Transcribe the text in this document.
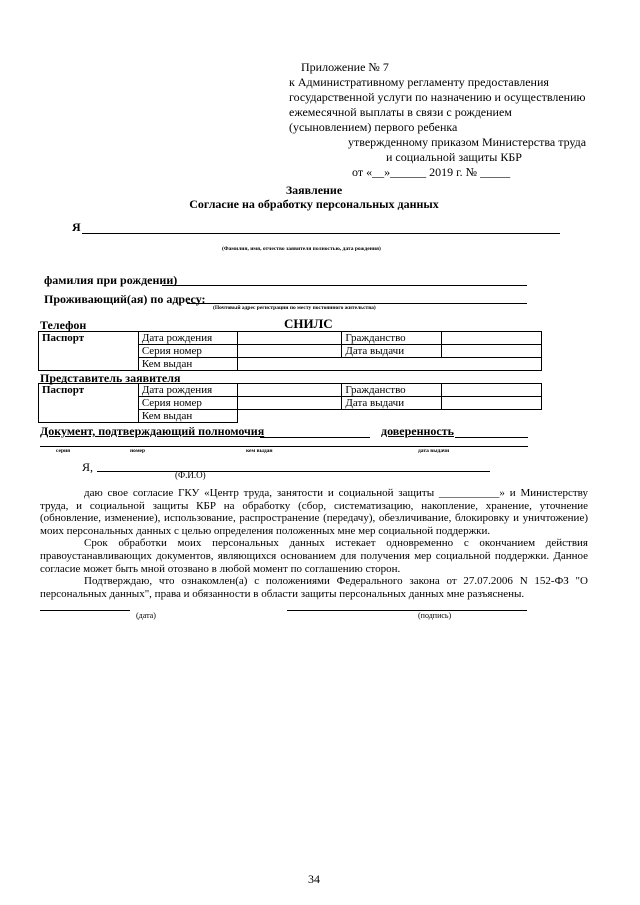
Приложение № 7
к Административному регламенту предоставления
государственной услуги по назначению и осуществлению
ежемесячной выплаты в связи с рождением
(усыновлением) первого ребенка
утвержденному приказом Министерства труда
и социальной защиты КБР
от «__»______ 2019 г. № _____
Заявление
Согласие на обработку персональных данных
Я
(Фамилия, имя, отчество заявителя полностью, дата рождения)
фамилия при рождении)
Проживающий(ая) по адресу:
(Почтовый адрес регистрации по месту постоянного жительства)
Телефон	СНИЛС
Паспорт	Дата рождения		Гражданство	
	Серия номер		Дата выдачи	
	Кем выдан			
Представитель заявителя
Паспорт	Дата рождения		Гражданство	
	Серия номер		Дата выдачи	
	Кем выдан			
Документ, подтверждающий полномочия	доверенность
серия	номер	кем выдан	дата выдачи
Я,
(Ф.И.О)

даю свое согласие ГКУ «Центр труда, занятости и социальной защиты ___________» и Министерству труда, и социальной защиты КБР на обработку (сбор, систематизацию, накопление, хранение, уточнение (обновление, изменение), использование, распространение (передачу), обезличивание, блокировку и уничтожение) моих персональных данных с целью определения положенных мне мер социальной поддержки.

Срок обработки моих персональных данных истекает одновременно с окончанием действия правоустанавливающих документов, являющихся основанием для получения мер социальной поддержки. Данное согласие может быть мной отозвано в любой момент по соглашению сторон.

Подтверждаю, что ознакомлен(а) с положениями Федерального закона от 27.07.2006 N 152-ФЗ "О персональных данных", права и обязанности в области защиты персональных данных мне разъяснены.

(дата)	(подпись)
34
